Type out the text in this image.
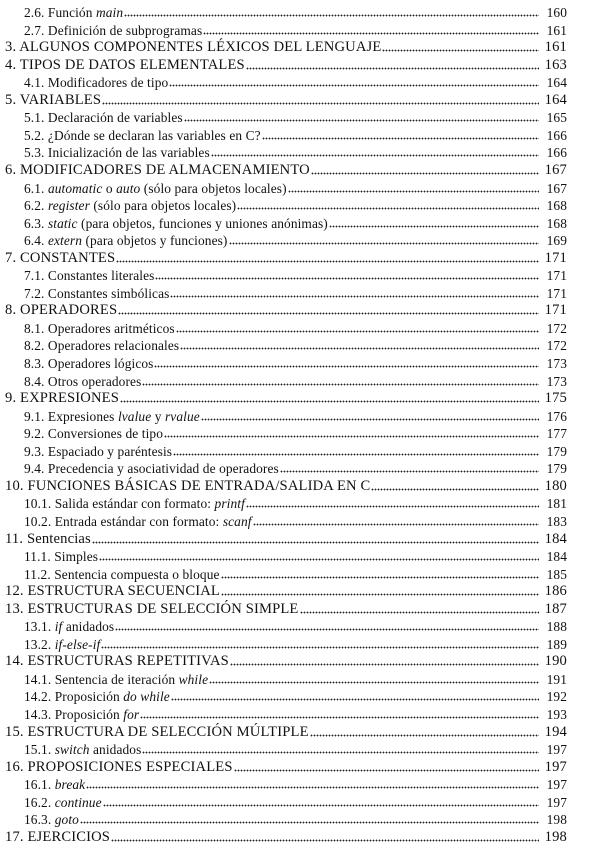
2.6. Función main	160
2.7. Definición de subprogramas	161
3. ALGUNOS COMPONENTES LÉXICOS DEL LENGUAJE	161
4. TIPOS DE DATOS ELEMENTALES	163
4.1. Modificadores de tipo	164
5. VARIABLES	164
5.1. Declaración de variables	165
5.2. ¿Dónde se declaran las variables en C?	166
5.3. Inicialización de las variables	166
6. MODIFICADORES DE ALMACENAMIENTO	167
6.1. automatic o auto (sólo para objetos locales)	167
6.2. register (sólo para objetos locales)	168
6.3. static (para objetos, funciones y uniones anónimas)	168
6.4. extern (para objetos y funciones)	169
7. CONSTANTES	171
7.1. Constantes literales	171
7.2. Constantes simbólicas	171
8. OPERADORES	171
8.1. Operadores aritméticos	172
8.2. Operadores relacionales	172
8.3. Operadores lógicos	173
8.4. Otros operadores	173
9. EXPRESIONES	175
9.1. Expresiones lvalue y rvalue	176
9.2. Conversiones de tipo	177
9.3. Espaciado y paréntesis	179
9.4. Precedencia y asociatividad de operadores	179
10. FUNCIONES BÁSICAS DE ENTRADA/SALIDA EN C	180
10.1. Salida estándar con formato: printf	181
10.2. Entrada estándar con formato: scanf	183
11. Sentencias	184
11.1. Simples	184
11.2. Sentencia compuesta o bloque	185
12. ESTRUCTURA SECUENCIAL	186
13. ESTRUCTURAS DE SELECCIÓN SIMPLE	187
13.1. if anidados	188
13.2. if-else-if	189
14. ESTRUCTURAS REPETITIVAS	190
14.1. Sentencia de iteración while	191
14.2. Proposición do while	192
14.3. Proposición for	193
15. ESTRUCTURA DE SELECCIÓN MÚLTIPLE	194
15.1. switch anidados	197
16. PROPOSICIONES ESPECIALES	197
16.1. break	197
16.2. continue	197
16.3. goto	198
17. EJERCICIOS	198
